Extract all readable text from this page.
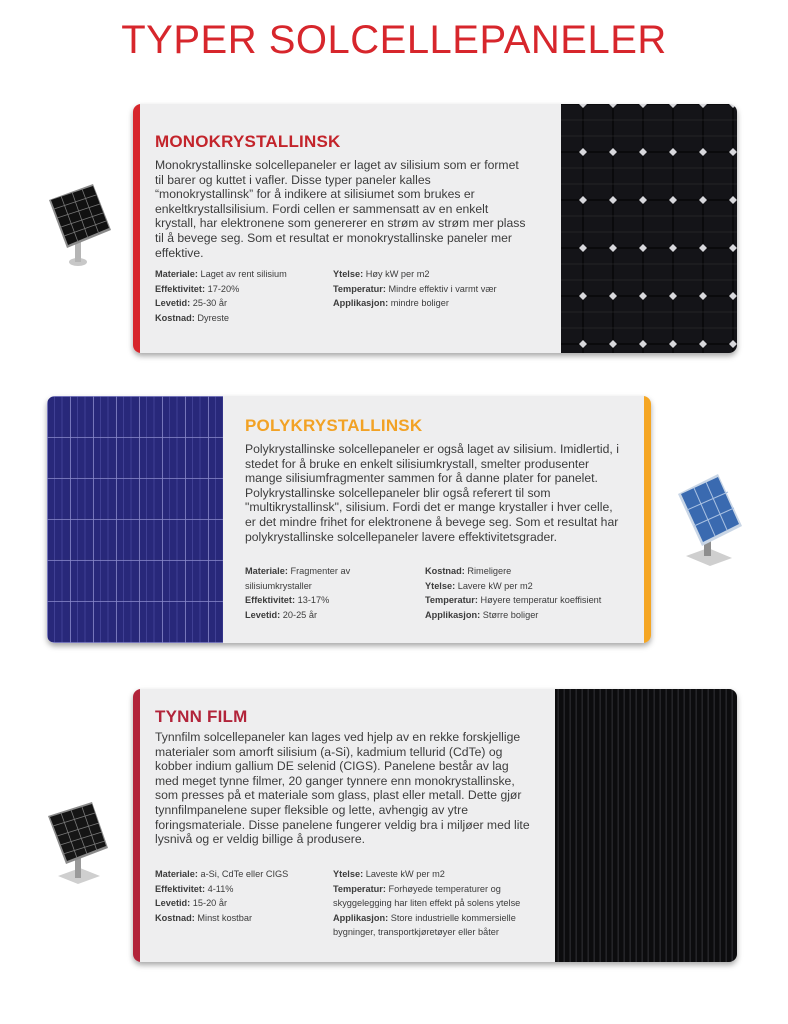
TYPER SOLCELLEPANELER
MONOKRYSTALLINSK

Monokrystallinske solcellepaneler er laget av silisium som er formet til barer og kuttet i vafler. Disse typer paneler kalles “monokrystallinsk” for å indikere at silisiumet som brukes er enkeltkrystallsilisium. Fordi cellen er sammensatt av en enkelt krystall, har elektronene som genererer en strøm av strøm mer plass til å bevege seg. Som et resultat er monokrystallinske paneler mer effektive.

Materiale: Laget av rent silisium
Effektivitet: 17-20%
Levetid: 25-30 år
Kostnad: Dyreste
Ytelse: Høy kW per m2
Temperatur: Mindre effektiv i varmt vær
Applikasjon: mindre boliger
POLYKRYSTALLINSK

Polykrystallinske solcellepaneler er også laget av silisium. Imidlertid, i stedet for å bruke en enkelt silisiumkrystall, smelter produsenter mange silisiumfragmenter sammen for å danne plater for panelet. Polykrystallinske solcellepaneler blir også referert til som "multikrystallinsk", silisium. Fordi det er mange krystaller i hver celle, er det mindre frihet for elektronene å bevege seg. Som et resultat har polykrystallinske solcellepaneler lavere effektivitetsgrader.

Materiale: Fragmenter av silisiumkrystaller
Effektivitet: 13-17%
Levetid: 20-25 år
Kostnad: Rimeligere
Ytelse: Lavere kW per m2
Temperatur: Høyere temperatur koeffisient
Applikasjon: Større boliger
TYNN FILM

Tynnfilm solcellepaneler kan lages ved hjelp av en rekke forskjellige materialer som amorft silisium (a-Si), kadmium tellurid (CdTe) og kobber indium gallium DE selenid (CIGS). Panelene består av lag med meget tynne filmer, 20 ganger tynnere enn monokrystallinske, som presses på et materiale som glass, plast eller metall. Dette gjør tynnfilmpanelene super fleksible og lette, avhengig av ytre foringsmateriale. Disse panelene fungerer veldig bra i miljøer med lite lysnivå og er veldig billige å produsere.

Materiale: a-Si, CdTe eller CIGS
Effektivitet: 4-11%
Levetid: 15-20 år
Kostnad: Minst kostbar
Ytelse: Laveste kW per m2
Temperatur: Forhøyede temperaturer og skyggelegging har liten effekt på solens ytelse
Applikasjon: Store industrielle kommersielle bygninger, transportkjøretøyer eller båter
